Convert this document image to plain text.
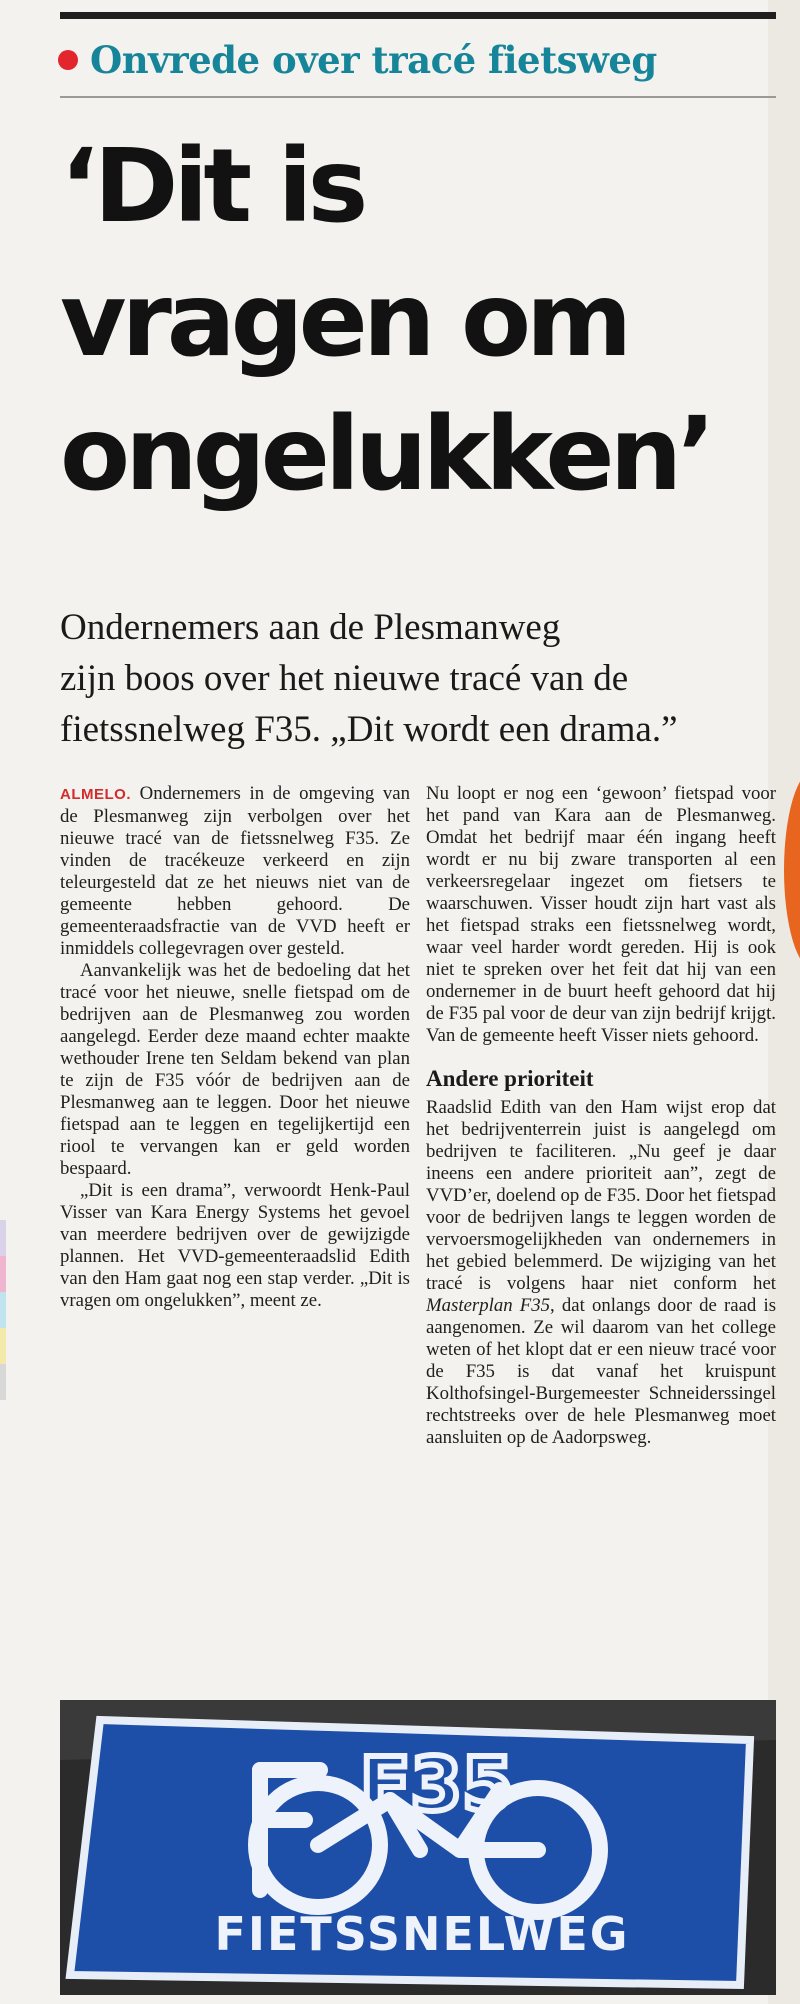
Onvrede over tracé fietsweg
‘Dit is
vragen om
ongelukken’

Ondernemers aan de Plesmanweg
zijn boos over het nieuwe tracé van de
fietssnelweg F35. „Dit wordt een drama.”

ALMELO. Ondernemers in de omgeving van de Plesmanweg zijn verbolgen over het nieuwe tracé van de fietssnelweg F35. Ze vinden de tracékeuze verkeerd en zijn teleurgesteld dat ze het nieuws niet van de gemeente hebben gehoord. De gemeenteraadsfractie van de VVD heeft er inmiddels collegevragen over gesteld.

Aanvankelijk was het de bedoeling dat het tracé voor het nieuwe, snelle fietspad om de bedrijven aan de Plesmanweg zou worden aangelegd. Eerder deze maand echter maakte wethouder Irene ten Seldam bekend van plan te zijn de F35 vóór de bedrijven aan de Plesmanweg aan te leggen. Door het nieuwe fietspad aan te leggen en tegelijkertijd een riool te vervangen kan er geld worden bespaard.

„Dit is een drama”, verwoordt Henk-Paul Visser van Kara Energy Systems het gevoel van meerdere bedrijven over de gewijzigde plannen. Het VVD-gemeenteraadslid Edith van den Ham gaat nog een stap verder. „Dit is vragen om ongelukken”, meent ze.

Nu loopt er nog een ‘gewoon’ fietspad voor het pand van Kara aan de Plesmanweg. Omdat het bedrijf maar één ingang heeft wordt er nu bij zware transporten al een verkeersregelaar ingezet om fietsers te waarschuwen. Visser houdt zijn hart vast als het fietspad straks een fietssnelweg wordt, waar veel harder wordt gereden. Hij is ook niet te spreken over het feit dat hij van een ondernemer in de buurt heeft gehoord dat hij de F35 pal voor de deur van zijn bedrijf krijgt. Van de gemeente heeft Visser niets gehoord.

Andere prioriteit

Raadslid Edith van den Ham wijst erop dat het bedrijventerrein juist is aangelegd om bedrijven te faciliteren. „Nu geef je daar ineens een andere prioriteit aan”, zegt de VVD’er, doelend op de F35. Door het fietspad voor de bedrijven langs te leggen worden de vervoersmogelijkheden van ondernemers in het gebied belemmerd. De wijziging van het tracé is volgens haar niet conform het Masterplan F35, dat onlangs door de raad is aangenomen. Ze wil daarom van het college weten of het klopt dat er een nieuw tracé voor de F35 is dat vanaf het kruispunt Kolthofsingel-Burgemeester Schneiderssingel rechtstreeks over de hele Plesmanweg moet aansluiten op de Aadorpsweg.

F35
FIETSSNELWEG
